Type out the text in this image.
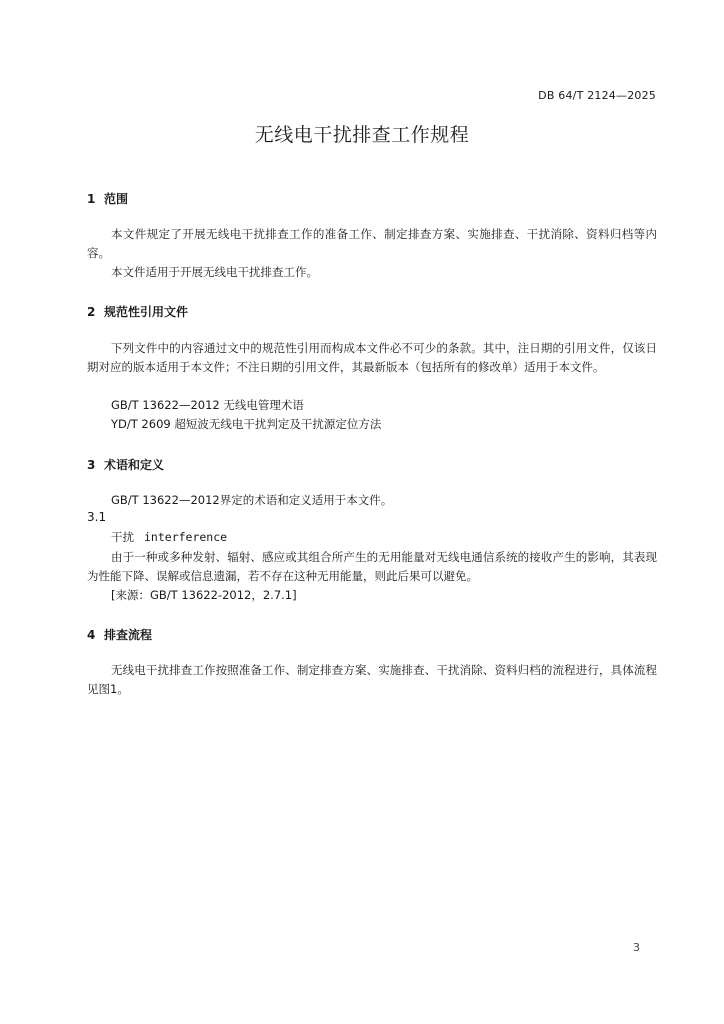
DB 64/T 2124—2025
无线电干扰排查工作规程
1 范围
本文件规定了开展无线电干扰排查工作的准备工作、制定排查方案、实施排查、干扰消除、资料归档等内容。
本文件适用于开展无线电干扰排查工作。
2 规范性引用文件
下列文件中的内容通过文中的规范性引用而构成本文件必不可少的条款。其中，注日期的引用文件，仅该日期对应的版本适用于本文件；不注日期的引用文件，其最新版本（包括所有的修改单）适用于本文件。
GB/T 13622—2012 无线电管理术语
YD/T 2609 超短波无线电干扰判定及干扰源定位方法
3 术语和定义
GB/T 13622—2012界定的术语和定义适用于本文件。
3.1
干扰 interference
由于一种或多种发射、辐射、感应或其组合所产生的无用能量对无线电通信系统的接收产生的影响，其表现为性能下降、误解或信息遗漏，若不存在这种无用能量，则此后果可以避免。
[来源：GB/T 13622-2012，2.7.1]
4 排查流程
无线电干扰排查工作按照准备工作、制定排查方案、实施排查、干扰消除、资料归档的流程进行，具体流程见图1。
3
